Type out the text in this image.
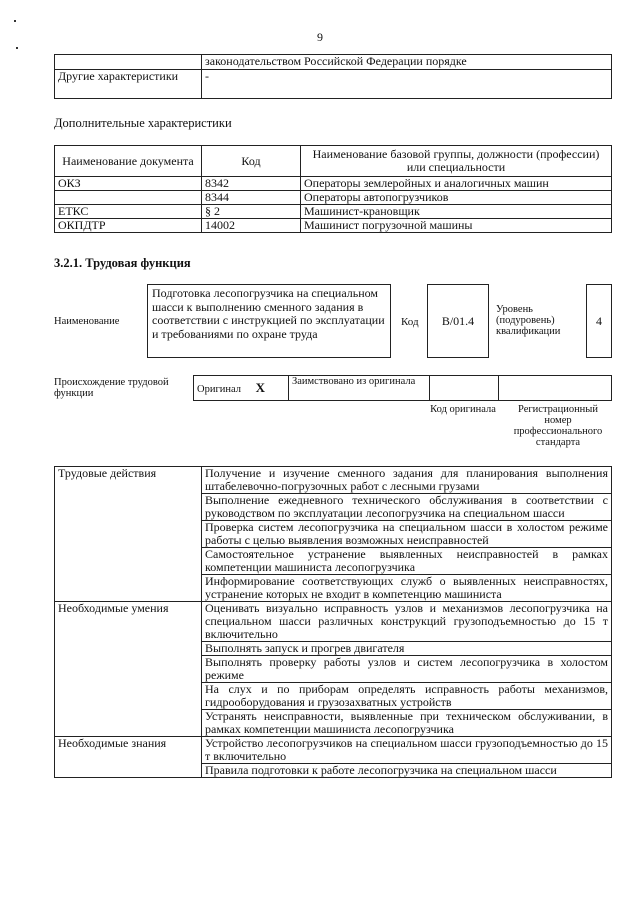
9
	законодательством Российской Федерации порядке
Другие характеристики	-
Дополнительные характеристики
Наименование документа	Код	Наименование базовой группы, должности (профессии) или специальности
ОКЗ	8342	Операторы землеройных и аналогичных машин
	8344	Операторы автопогрузчиков
ЕТКС	§ 2	Машинист-крановщик
ОКПДТР	14002	Машинист погрузочной машины
3.2.1. Трудовая функция
Наименование
Подготовка лесопогрузчика на специальном шасси к выполнению сменного задания в соответствии с инструкцией по эксплуатации и требованиями по охране труда
Код B/01.4
Уровень (подуровень) квалификации
4
Происхождение трудовой функции	Оригинал X	Заимствовано из оригинала		
Код оригинала	Регистрационный номер профессионального стандарта
Трудовые действия	Получение и изучение сменного задания для планирования выполнения штабелевочно-погрузочных работ с лесными грузами
	Выполнение ежедневного технического обслуживания в соответствии с руководством по эксплуатации лесопогрузчика на специальном шасси
	Проверка систем лесопогрузчика на специальном шасси в холостом режиме работы с целью выявления возможных неисправностей
	Самостоятельное устранение выявленных неисправностей в рамках компетенции машиниста лесопогрузчика
	Информирование соответствующих служб о выявленных неисправностях, устранение которых не входит в компетенцию машиниста
Необходимые умения	Оценивать визуально исправность узлов и механизмов лесопогрузчика на специальном шасси различных конструкций грузоподъемностью до 15 т включительно
	Выполнять запуск и прогрев двигателя
	Выполнять проверку работы узлов и систем лесопогрузчика в холостом режиме
	На слух и по приборам определять исправность работы механизмов, гидрооборудования и грузозахватных устройств
	Устранять неисправности, выявленные при техническом обслуживании, в рамках компетенции машиниста лесопогрузчика
Необходимые знания	Устройство лесопогрузчиков на специальном шасси грузоподъемностью до 15 т включительно
	Правила подготовки к работе лесопогрузчика на специальном шасси
